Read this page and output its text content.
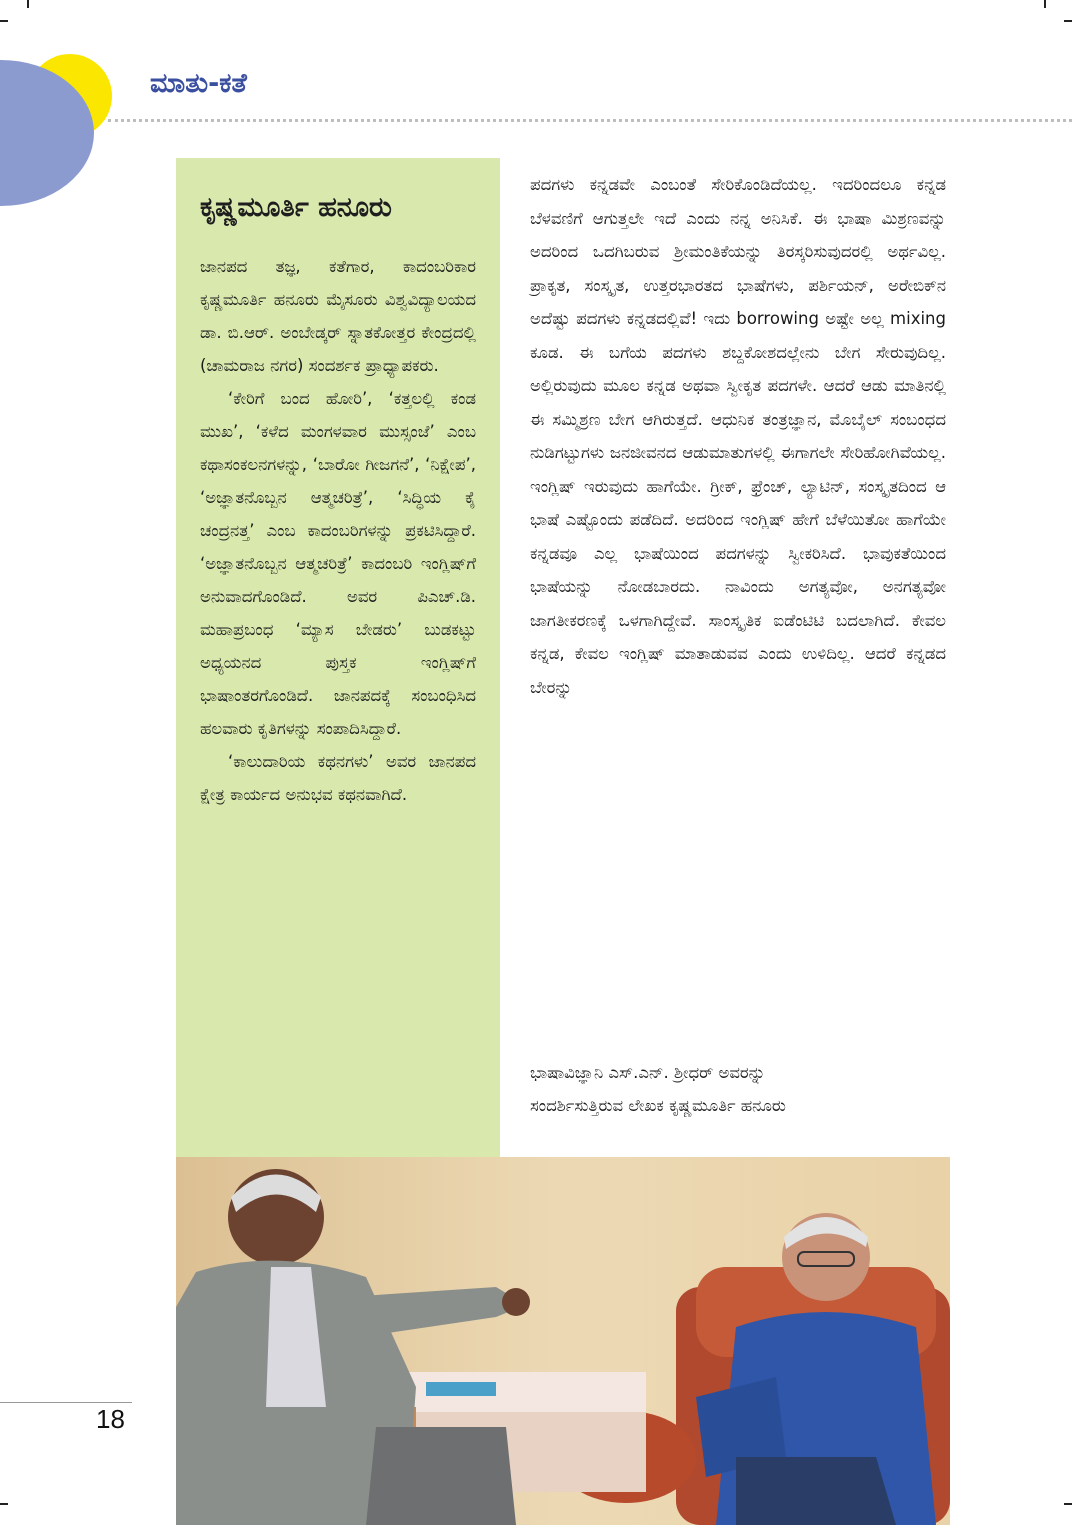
ಮಾತು-ಕತೆ
ಕೃಷ್ಣಮೂರ್ತಿ ಹನೂರು

ಜಾನಪದ ತಜ್ಞ, ಕತೆಗಾರ, ಕಾದಂಬರಿಕಾರ ಕೃಷ್ಣಮೂರ್ತಿ ಹನೂರು ಮೈಸೂರು ವಿಶ್ವವಿದ್ಯಾಲಯದ ಡಾ. ಬಿ.ಆರ್. ಅಂಬೇಡ್ಕರ್ ಸ್ನಾತಕೋತ್ತರ ಕೇಂದ್ರದಲ್ಲಿ (ಚಾಮರಾಜ ನಗರ) ಸಂದರ್ಶಕ ಪ್ರಾಧ್ಯಾಪಕರು.

‘ಕೇರಿಗೆ ಬಂದ ಹೋರಿ’, ‘ಕತ್ತಲಲ್ಲಿ ಕಂಡ ಮುಖ’, ‘ಕಳೆದ ಮಂಗಳವಾರ ಮುಸ್ಸಂಜೆ’ ಎಂಬ ಕಥಾಸಂಕಲನಗಳನ್ನು, ‘ಬಾರೋ ಗೀಜಗನೆ’, ‘ನಿಕ್ಷೇಪ’, ‘ಅಜ್ಞಾತನೊಬ್ಬನ ಆತ್ಮಚರಿತ್ರೆ’, ‘ಸಿದ್ಧಿಯ ಕೈ ಚಂದ್ರನತ್ತ’ ಎಂಬ ಕಾದಂಬರಿಗಳನ್ನು ಪ್ರಕಟಿಸಿದ್ದಾರೆ. ‘ಅಜ್ಞಾತನೊಬ್ಬನ ಆತ್ಮಚರಿತ್ರೆ’ ಕಾದಂಬರಿ ಇಂಗ್ಲಿಷ್‌ಗೆ ಅನುವಾದಗೊಂಡಿದೆ. ಅವರ ಪಿಎಚ್.ಡಿ. ಮಹಾಪ್ರಬಂಧ ‘ಮ್ಯಾಸ ಬೇಡರು’ ಬುಡಕಟ್ಟು ಅಧ್ಯಯನದ ಪುಸ್ತಕ ಇಂಗ್ಲಿಷ್‌ಗೆ ಭಾಷಾಂತರಗೊಂಡಿದೆ. ಜಾನಪದಕ್ಕೆ ಸಂಬಂಧಿಸಿದ ಹಲವಾರು ಕೃತಿಗಳನ್ನು ಸಂಪಾದಿಸಿದ್ದಾರೆ.

‘ಕಾಲುದಾರಿಯ ಕಥನಗಳು’ ಅವರ ಜಾನಪದ ಕ್ಷೇತ್ರ ಕಾರ್ಯದ ಅನುಭವ ಕಥನವಾಗಿದೆ.

ಪದಗಳು ಕನ್ನಡವೇ ಎಂಬಂತೆ ಸೇರಿಕೊಂಡಿದೆಯಲ್ಲ. ಇದರಿಂದಲೂ ಕನ್ನಡ ಬೆಳವಣಿಗೆ ಆಗುತ್ತಲೇ ಇದೆ ಎಂದು ನನ್ನ ಅನಿಸಿಕೆ. ಈ ಭಾಷಾ ಮಿಶ್ರಣವನ್ನು ಅದರಿಂದ ಒದಗಿಬರುವ ಶ್ರೀಮಂತಿಕೆಯನ್ನು ತಿರಸ್ಕರಿಸುವುದರಲ್ಲಿ ಅರ್ಥವಿಲ್ಲ. ಪ್ರಾಕೃತ, ಸಂಸ್ಕೃತ, ಉತ್ತರಭಾರತದ ಭಾಷೆಗಳು, ಪರ್ಶಿಯನ್, ಅರೇಬಿಕ್‌ನ ಅದೆಷ್ಟು ಪದಗಳು ಕನ್ನಡದಲ್ಲಿವೆ! ಇದು borrowing ಅಷ್ಟೇ ಅಲ್ಲ mixing ಕೂಡ. ಈ ಬಗೆಯ ಪದಗಳು ಶಬ್ದಕೋಶದಲ್ಲೇನು ಬೇಗ ಸೇರುವುದಿಲ್ಲ. ಅಲ್ಲಿರುವುದು ಮೂಲ ಕನ್ನಡ ಅಥವಾ ಸ್ವೀಕೃತ ಪದಗಳೇ. ಆದರೆ ಆಡು ಮಾತಿನಲ್ಲಿ ಈ ಸಮ್ಮಿಶ್ರಣ ಬೇಗ ಆಗಿರುತ್ತದೆ. ಆಧುನಿಕ ತಂತ್ರಜ್ಞಾನ, ಮೊಬೈಲ್ ಸಂಬಂಧದ ನುಡಿಗಟ್ಟುಗಳು ಜನಜೀವನದ ಆಡುಮಾತುಗಳಲ್ಲಿ ಈಗಾಗಲೇ ಸೇರಿಹೋಗಿವೆಯಲ್ಲ. ಇಂಗ್ಲಿಷ್ ಇರುವುದು ಹಾಗೆಯೇ. ಗ್ರೀಕ್, ಫ್ರೆಂಚ್, ಲ್ಯಾಟಿನ್, ಸಂಸ್ಕೃತದಿಂದ ಆ ಭಾಷೆ ಎಷ್ಟೊಂದು ಪಡೆದಿದೆ. ಅದರಿಂದ ಇಂಗ್ಲಿಷ್ ಹೇಗೆ ಬೆಳೆಯಿತೋ ಹಾಗೆಯೇ ಕನ್ನಡವೂ ಎಲ್ಲ ಭಾಷೆಯಿಂದ ಪದಗಳನ್ನು ಸ್ವೀಕರಿಸಿದೆ. ಭಾವುಕತೆಯಿಂದ ಭಾಷೆಯನ್ನು ನೋಡಬಾರದು. ನಾವಿಂದು ಅಗತ್ಯವೋ, ಅನಗತ್ಯವೋ ಜಾಗತೀಕರಣಕ್ಕೆ ಒಳಗಾಗಿದ್ದೇವೆ. ಸಾಂಸ್ಕೃತಿಕ ಐಡೆಂಟಿಟಿ ಬದಲಾಗಿದೆ. ಕೇವಲ ಕನ್ನಡ, ಕೇವಲ ಇಂಗ್ಲಿಷ್ ಮಾತಾಡುವವ ಎಂದು ಉಳಿದಿಲ್ಲ. ಆದರೆ ಕನ್ನಡದ ಬೇರನ್ನು

ಭಾಷಾವಿಜ್ಞಾನಿ ಎಸ್.ಎನ್. ಶ್ರೀಧರ್ ಅವರನ್ನು
ಸಂದರ್ಶಿಸುತ್ತಿರುವ ಲೇಖಕ ಕೃಷ್ಣಮೂರ್ತಿ ಹನೂರು
18
